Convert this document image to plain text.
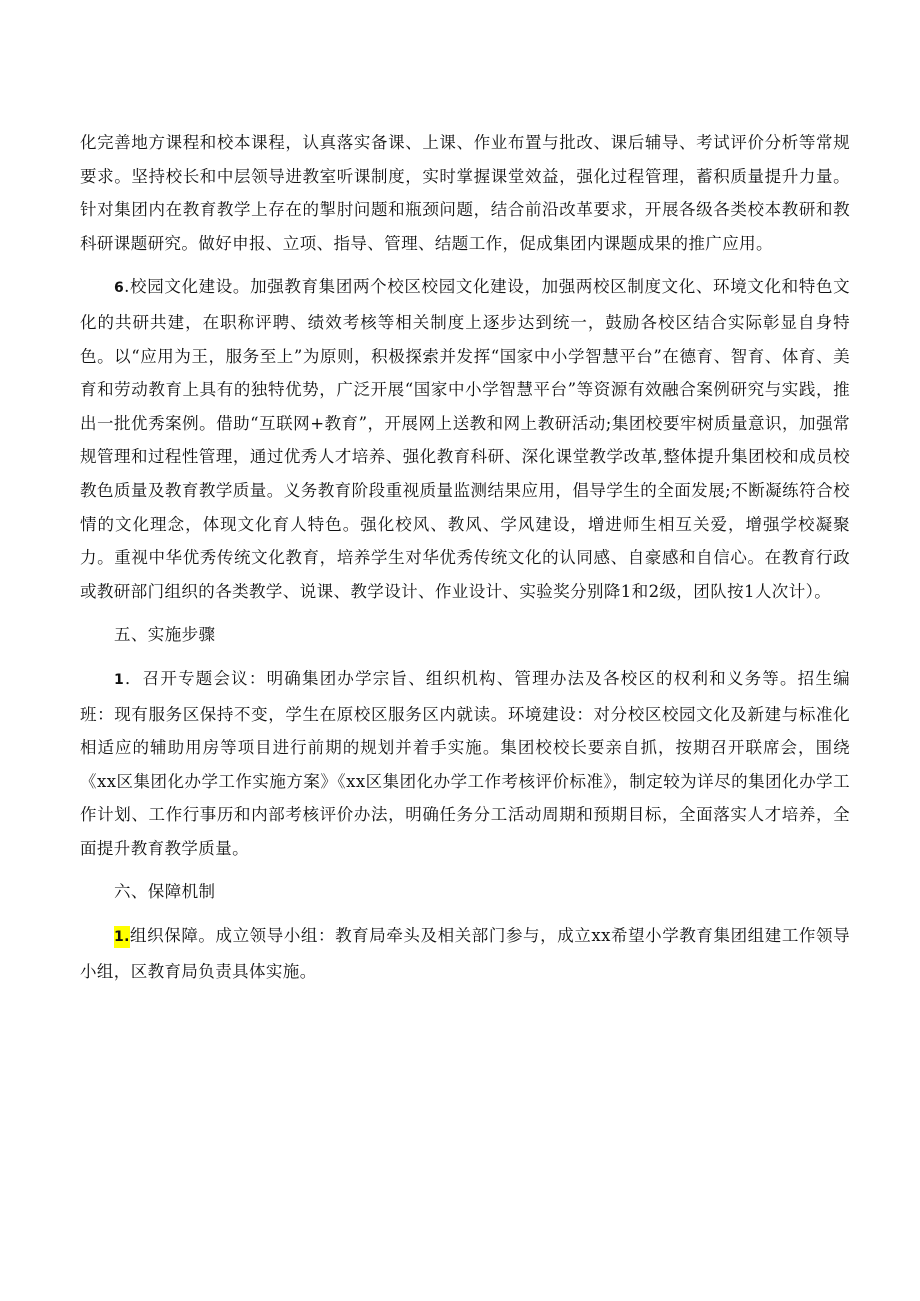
化完善地方课程和校本课程，认真落实备课、上课、作业布置与批改、课后辅导、考试评价分析等常规要求。坚持校长和中层领导进教室听课制度，实时掌握课堂效益，强化过程管理，蓄积质量提升力量。针对集团内在教育教学上存在的掣肘问题和瓶颈问题，结合前沿改革要求，开展各级各类校本教研和教科研课题研究。做好申报、立项、指导、管理、结题工作，促成集团内课题成果的推广应用。

6.校园文化建设。加强教育集团两个校区校园文化建设，加强两校区制度文化、环境文化和特色文化的共研共建，在职称评聘、绩效考核等相关制度上逐步达到统一，鼓励各校区结合实际彰显自身特色。以“应用为王，服务至上”为原则，积极探索并发挥“国家中小学智慧平台”在德育、智育、体育、美育和劳动教育上具有的独特优势，广泛开展“国家中小学智慧平台”等资源有效融合案例研究与实践，推出一批优秀案例。借助“互联网+教育”，开展网上送教和网上教研活动;集团校要牢树质量意识，加强常规管理和过程性管理，通过优秀人才培养、强化教育科研、深化课堂教学改革,整体提升集团校和成员校教色质量及教育教学质量。义务教育阶段重视质量监测结果应用，倡导学生的全面发展;不断凝练符合校情的文化理念，体现文化育人特色。强化校风、教风、学风建设，增进师生相互关爱，增强学校凝聚力。重视中华优秀传统文化教育，培养学生对华优秀传统文化的认同感、自豪感和自信心。在教育行政或教研部门组织的各类教学、说课、教学设计、作业设计、实验奖分别降1和2级，团队按1人次计）。

五、实施步骤

1．召开专题会议：明确集团办学宗旨、组织机构、管理办法及各校区的权利和义务等。招生编班：现有服务区保持不变，学生在原校区服务区内就读。环境建设：对分校区校园文化及新建与标准化相适应的辅助用房等项目进行前期的规划并着手实施。集团校校长要亲自抓，按期召开联席会，围绕《xx区集团化办学工作实施方案》《xx区集团化办学工作考核评价标准》，制定较为详尽的集团化办学工作计划、工作行事历和内部考核评价办法，明确任务分工活动周期和预期目标，全面落实人才培养，全面提升教育教学质量。

六、保障机制

1.组织保障。成立领导小组：教育局牵头及相关部门参与，成立xx希望小学教育集团组建工作领导小组，区教育局负责具体实施。
